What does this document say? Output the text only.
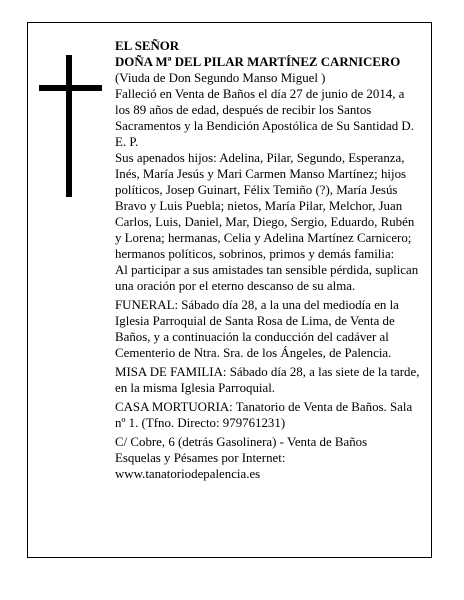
EL SEÑOR

DOÑA Mª DEL PILAR MARTÍNEZ CARNICERO

(Viuda de Don Segundo Manso Miguel )

Falleció en Venta de Baños el día 27 de junio de 2014, a los 89 años de edad, después de recibir los Santos Sacramentos y la Bendición Apostólica de Su Santidad D. E. P.

Sus apenados hijos: Adelina, Pilar, Segundo, Esperanza, Inés, María Jesús y Mari Carmen Manso Martínez; hijos políticos, Josep Guinart, Félix Temiño (?), María Jesús Bravo y Luis Puebla; nietos, María Pilar, Melchor, Juan Carlos, Luis, Daniel, Mar, Diego, Sergio, Eduardo, Rubén y Lorena; hermanas, Celia y Adelina Martínez Carnicero; hermanos políticos, sobrinos, primos y demás familia:

Al participar a sus amistades tan sensible pérdida, suplican una oración por el eterno descanso de su alma.

FUNERAL: Sábado día 28, a la una del mediodía en la Iglesia Parroquial de Santa Rosa de Lima, de Venta de Baños, y a continuación la conducción del cadáver al Cementerio de Ntra. Sra. de los Ángeles, de Palencia.

MISA DE FAMILIA: Sábado día 28, a las siete de la tarde, en la misma Iglesia Parroquial.

CASA MORTUORIA: Tanatorio de Venta de Baños. Sala nº 1. (Tfno. Directo: 979761231)

C/ Cobre, 6 (detrás Gasolinera) - Venta de Baños

Esquelas y Pésames por Internet:

www.tanatoriodepalencia.es
